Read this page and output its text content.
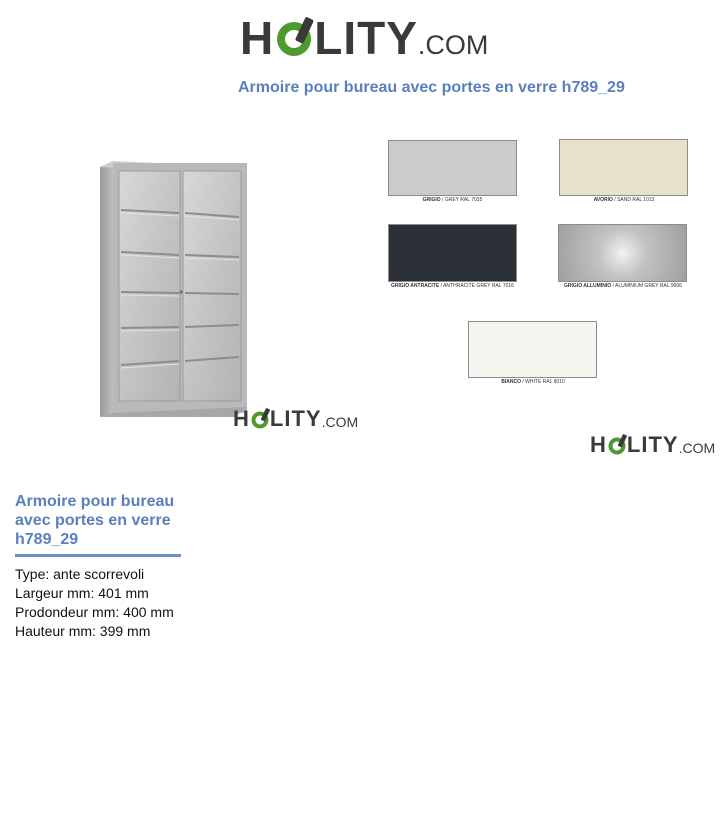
H LITY .COM
Armoire pour bureau avec portes en verre h789_29
H LITY .COM
GRIGIO / GREY RAL 7035	AVORIO / SAND RAL 1013
GRIGIO ANTRACITE / ANTHRACITE GREY RAL 7016	GRIGIO ALLUMINIO / ALUMINIUM GREY RAL 9006
BIANCO / WHITE RAL 9010
H LITY .COM
Armoire pour bureau avec portes en verre h789_29
Type: ante scorrevoli
Largeur mm: 401 mm
Prodondeur mm: 400 mm
Hauteur mm: 399 mm
